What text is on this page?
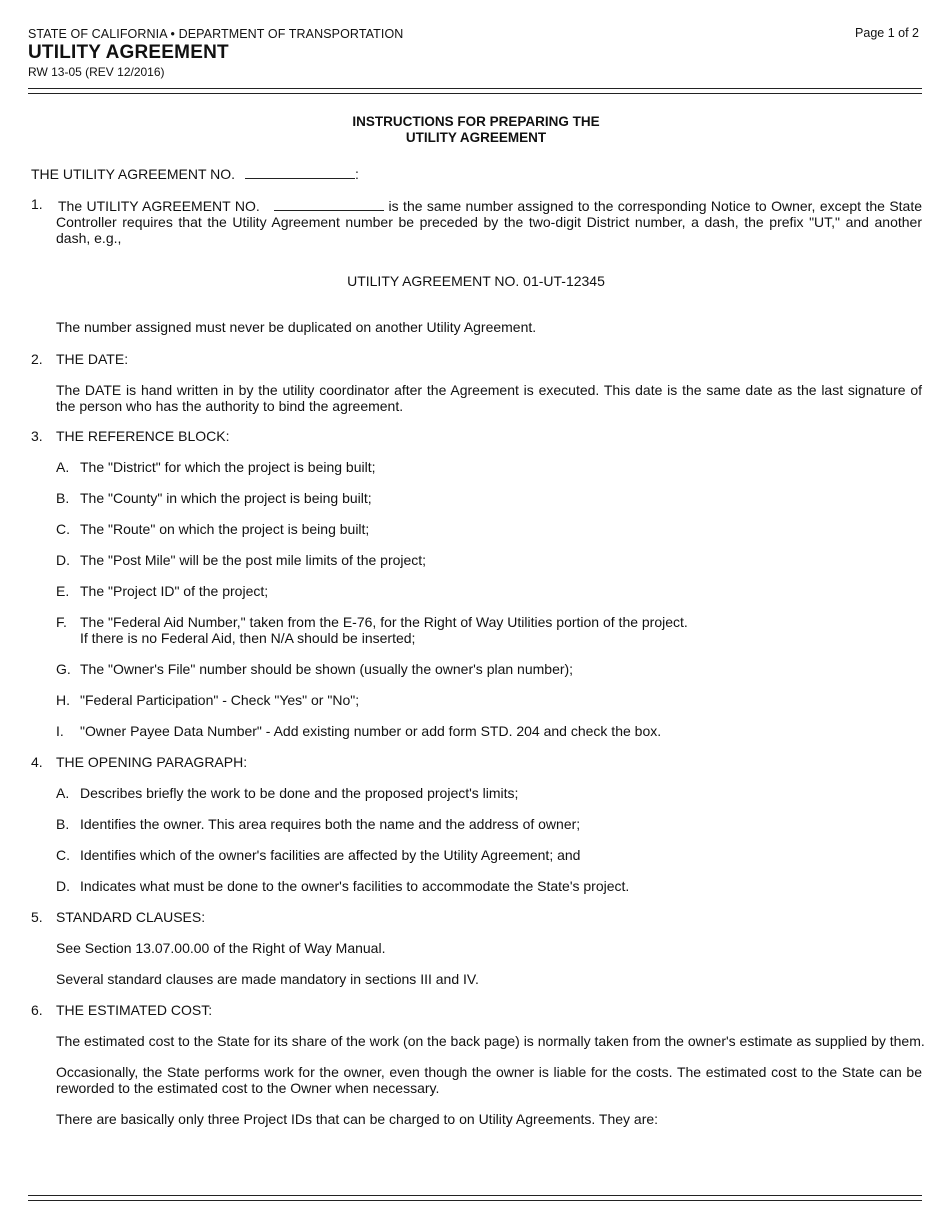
STATE OF CALIFORNIA • DEPARTMENT OF TRANSPORTATION	Page 1 of 2
UTILITY AGREEMENT
RW 13-05 (REV 12/2016)
INSTRUCTIONS FOR PREPARING THE
UTILITY AGREEMENT
THE UTILITY AGREEMENT NO.	:
1. The UTILITY AGREEMENT NO.	is the same number assigned to the corresponding Notice to Owner, except the State Controller requires that the Utility Agreement number be preceded by the two-digit District number, a dash, the prefix "UT," and another dash, e.g.,
UTILITY AGREEMENT NO. 01-UT-12345
The number assigned must never be duplicated on another Utility Agreement.
2. THE DATE:
The DATE is hand written in by the utility coordinator after the Agreement is executed. This date is the same date as the last signature of the person who has the authority to bind the agreement.
3. THE REFERENCE BLOCK:
A. The "District" for which the project is being built;
B. The "County" in which the project is being built;
C. The "Route" on which the project is being built;
D. The "Post Mile" will be the post mile limits of the project;
E. The "Project ID" of the project;
F. The "Federal Aid Number," taken from the E-76, for the Right of Way Utilities portion of the project.
If there is no Federal Aid, then N/A should be inserted;
G. The "Owner's File" number should be shown (usually the owner's plan number);
H. "Federal Participation" - Check "Yes" or "No";
I. "Owner Payee Data Number" - Add existing number or add form STD. 204 and check the box.
4. THE OPENING PARAGRAPH:
A. Describes briefly the work to be done and the proposed project's limits;
B. Identifies the owner. This area requires both the name and the address of owner;
C. Identifies which of the owner's facilities are affected by the Utility Agreement; and
D. Indicates what must be done to the owner's facilities to accommodate the State's project.
5. STANDARD CLAUSES:
See Section 13.07.00.00 of the Right of Way Manual.
Several standard clauses are made mandatory in sections III and IV.
6. THE ESTIMATED COST:
The estimated cost to the State for its share of the work (on the back page) is normally taken from the owner's estimate as supplied by them.
Occasionally, the State performs work for the owner, even though the owner is liable for the costs. The estimated cost to the State can be reworded to the estimated cost to the Owner when necessary.
There are basically only three Project IDs that can be charged to on Utility Agreements. They are:
